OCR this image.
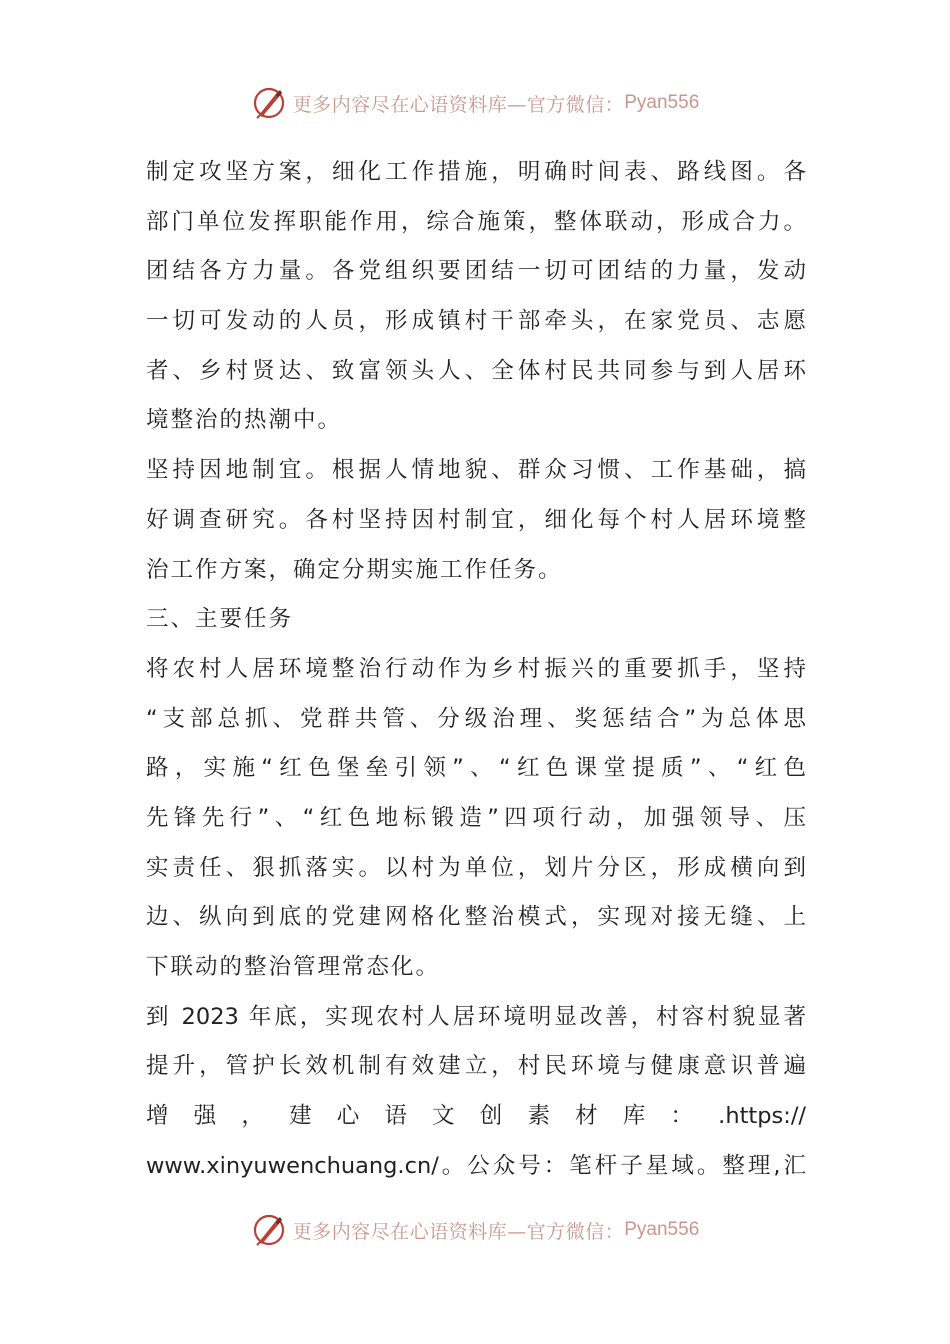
更多内容尽在心语资料库—官方微信： Pyan556
制定攻坚方案，细化工作措施，明确时间表、路线图。各
部门单位发挥职能作用，综合施策，整体联动，形成合力。
团结各方力量。各党组织要团结一切可团结的力量，发动
一切可发动的人员，形成镇村干部牵头，在家党员、志愿
者、乡村贤达、致富领头人、全体村民共同参与到人居环
境整治的热潮中。
坚持因地制宜。根据人情地貌、群众习惯、工作基础，搞
好调查研究。各村坚持因村制宜，细化每个村人居环境整
治工作方案，确定分期实施工作任务。
三、主要任务
将农村人居环境整治行动作为乡村振兴的重要抓手，坚持
“支部总抓、党群共管、分级治理、奖惩结合”为总体思
路，实施“红色堡垒引领”、“红色课堂提质”、“红色
先锋先行”、“红色地标锻造”四项行动，加强领导、压
实责任、狠抓落实。以村为单位，划片分区，形成横向到
边、纵向到底的党建网格化整治模式，实现对接无缝、上
下联动的整治管理常态化。
到 2023 年底，实现农村人居环境明显改善，村容村貌显著
提升，管护长效机制有效建立，村民环境与健康意识普遍
增 强 ， 建 心 语 文 创 素 材 库 ： .https://
www.xinyuwenchuang.cn/。公众号：笔杆子星域。整理,汇
更多内容尽在心语资料库—官方微信： Pyan556
